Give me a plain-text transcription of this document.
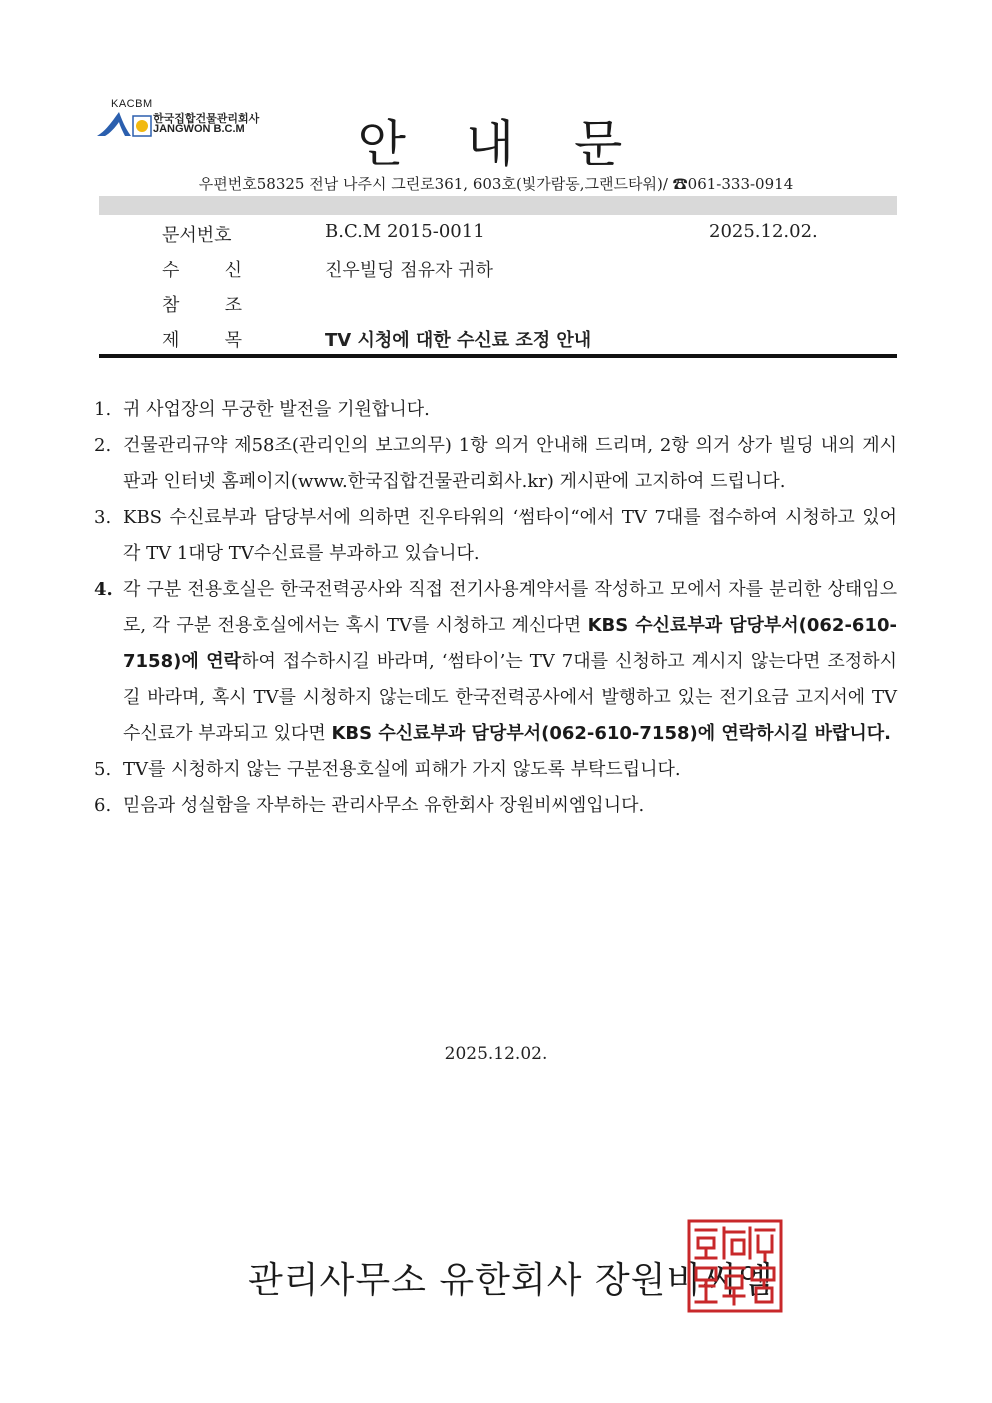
KACBM
한국집합건물관리회사
JANGWON B.C.M	안 내 문
우편번호58325 전남 나주시 그린로361, 603호(빛가람동,그랜드타워)/ ☎061-333-0914
문서번호	B.C.M 2015-0011	2025.12.02.
수	신	진우빌딩 점유자 귀하
참	조
제	목	TV 시청에 대한 수신료 조정 안내
1. 귀 사업장의 무궁한 발전을 기원합니다.
2. 건물관리규약 제58조(관리인의 보고의무) 1항 의거 안내해 드리며, 2항 의거 상가 빌딩 내의 게시판과 인터넷 홈페이지(www.한국집합건물관리회사.kr) 게시판에 고지하여 드립니다.
3. KBS 수신료부과 담당부서에 의하면 진우타워의 ‘썸타이“에서 TV 7대를 접수하여 시청하고 있어 각 TV 1대당 TV수신료를 부과하고 있습니다.
4. 각 구분 전용호실은 한국전력공사와 직접 전기사용계약서를 작성하고 모에서 자를 분리한 상태임으로, 각 구분 전용호실에서는 혹시 TV를 시청하고 계신다면 KBS 수신료부과 담당부서(062-610-7158)에 연락하여 접수하시길 바라며, ‘썸타이’는 TV 7대를 신청하고 계시지 않는다면 조정하시길 바라며, 혹시 TV를 시청하지 않는데도 한국전력공사에서 발행하고 있는 전기요금 고지서에 TV수신료가 부과되고 있다면 KBS 수신료부과 담당부서(062-610-7158)에 연락하시길 바랍니다.
5. TV를 시청하지 않는 구분전용호실에 피해가 가지 않도록 부탁드립니다.
6. 믿음과 성실함을 자부하는 관리사무소 유한회사 장원비씨엠입니다.
2025.12.02.
관리사무소 유한회사 장원비씨엠
